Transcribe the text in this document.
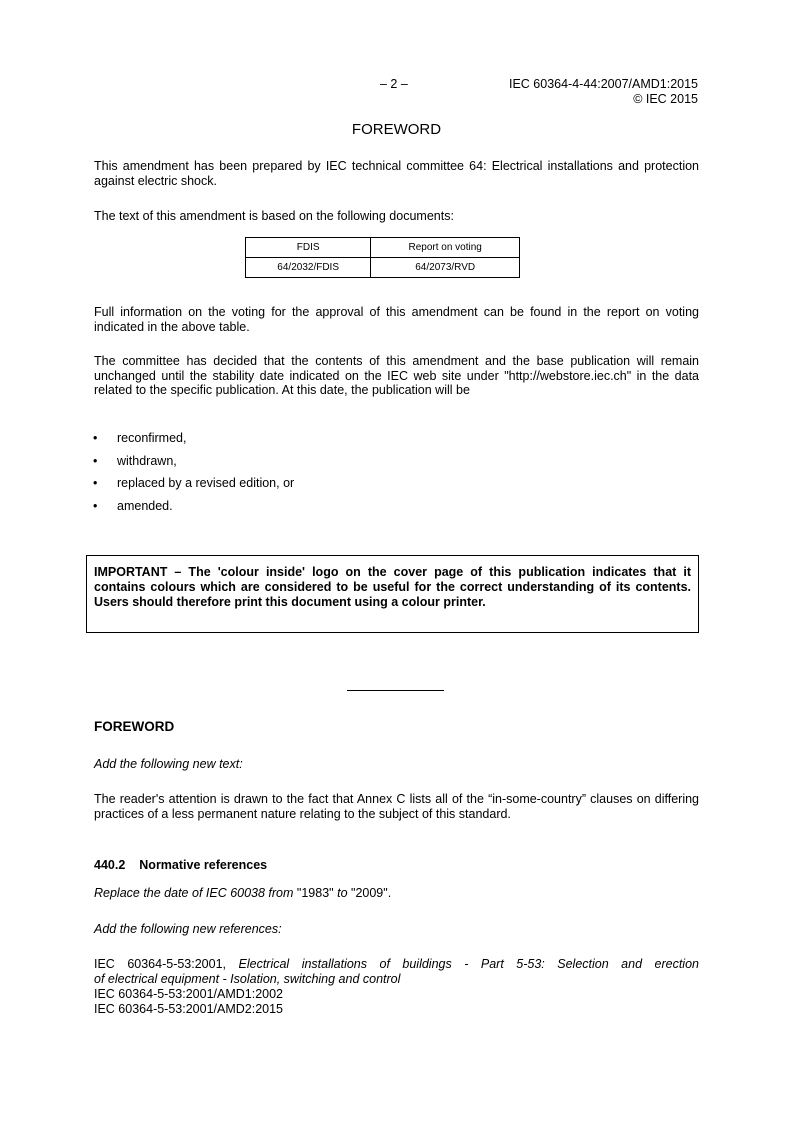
– 2 –	IEC 60364-4-44:2007/AMD1:2015
© IEC 2015
FOREWORD
This amendment has been prepared by IEC technical committee 64: Electrical installations and protection against electric shock.
The text of this amendment is based on the following documents:
FDIS	Report on voting
64/2032/FDIS	64/2073/RVD
Full information on the voting for the approval of this amendment can be found in the report on voting indicated in the above table.
The committee has decided that the contents of this amendment and the base publication will remain unchanged until the stability date indicated on the IEC web site under "http://webstore.iec.ch" in the data related to the specific publication. At this date, the publication will be
• reconfirmed,
• withdrawn,
• replaced by a revised edition, or
• amended.

IMPORTANT – The 'colour inside' logo on the cover page of this publication indicates that it contains colours which are considered to be useful for the correct understanding of its contents. Users should therefore print this document using a colour printer.

FOREWORD
Add the following new text:
The reader's attention is drawn to the fact that Annex C lists all of the “in-some-country” clauses on differing practices of a less permanent nature relating to the subject of this standard.
440.2 Normative references
Replace the date of IEC 60038 from "1983" to "2009".
Add the following new references:
IEC 60364-5-53:2001, Electrical installations of buildings - Part 5-53: Selection and erection
of electrical equipment - Isolation, switching and control
IEC 60364-5-53:2001/AMD1:2002
IEC 60364-5-53:2001/AMD2:2015
